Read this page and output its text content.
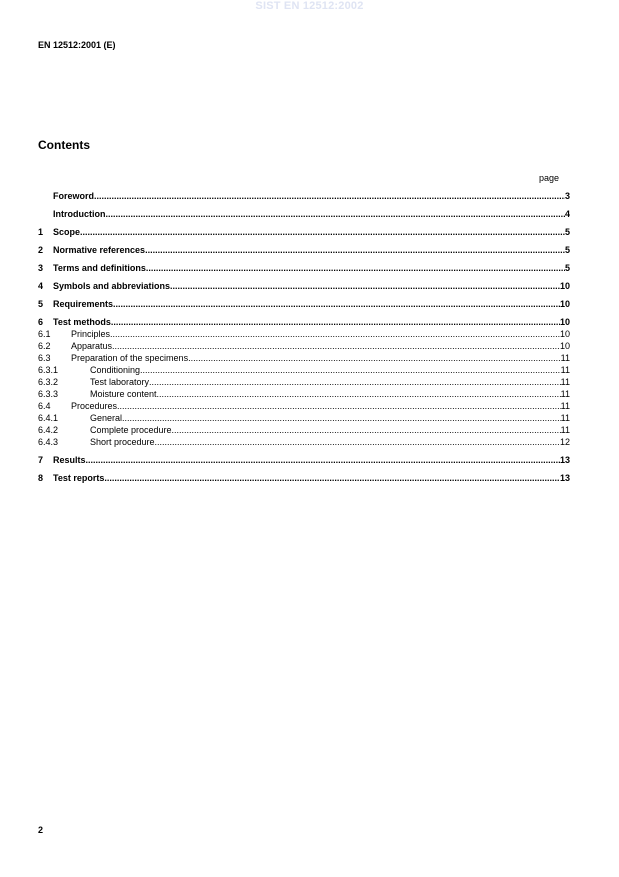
SIST EN 12512:2002
EN 12512:2001 (E)
Contents
page
Foreword .....	3
Introduction .....	4
1	Scope .....	5
2	Normative references .....	5
3	Terms and definitions .....	5
4	Symbols and abbreviations .....	10
5	Requirements .....	10
6	Test methods .....	10
6.1	Principles .....	10
6.2	Apparatus .....	10
6.3	Preparation of the specimens .....	11
6.3.1	Conditioning .....	11
6.3.2	Test laboratory .....	11
6.3.3	Moisture content .....	11
6.4	Procedures .....	11
6.4.1	General .....	11
6.4.2	Complete procedure .....	11
6.4.3	Short procedure .....	12
7	Results .....	13
8	Test reports .....	13
2
